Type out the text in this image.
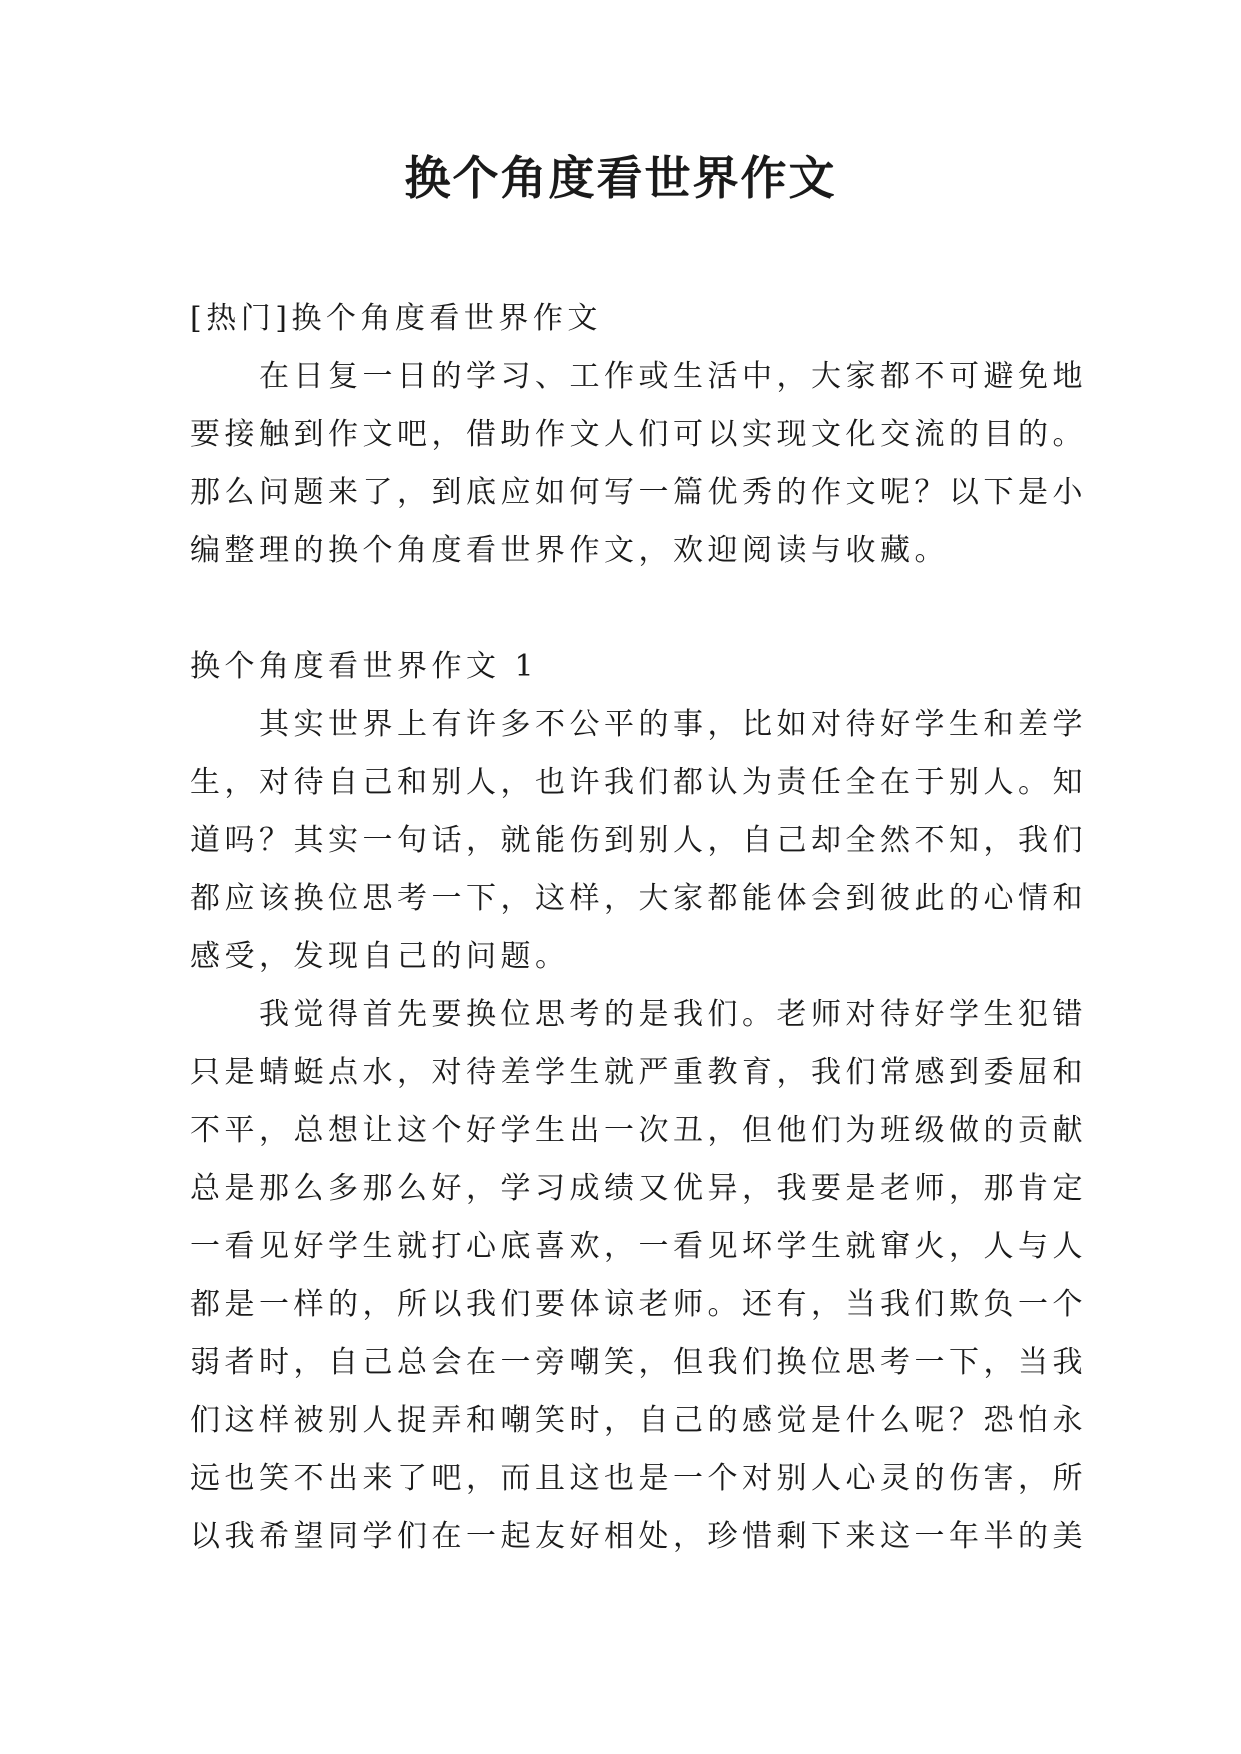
换个角度看世界作文
[热门]换个角度看世界作文
　　在日复一日的学习、工作或生活中，大家都不可避免地
要接触到作文吧，借助作文人们可以实现文化交流的目的。
那么问题来了，到底应如何写一篇优秀的作文呢？以下是小
编整理的换个角度看世界作文，欢迎阅读与收藏。
换个角度看世界作文 1
　　其实世界上有许多不公平的事，比如对待好学生和差学
生，对待自己和别人，也许我们都认为责任全在于别人。知
道吗？其实一句话，就能伤到别人，自己却全然不知，我们
都应该换位思考一下，这样，大家都能体会到彼此的心情和
感受，发现自己的问题。
　　我觉得首先要换位思考的是我们。老师对待好学生犯错
只是蜻蜓点水，对待差学生就严重教育，我们常感到委屈和
不平，总想让这个好学生出一次丑，但他们为班级做的贡献
总是那么多那么好，学习成绩又优异，我要是老师，那肯定
一看见好学生就打心底喜欢，一看见坏学生就窜火，人与人
都是一样的，所以我们要体谅老师。还有，当我们欺负一个
弱者时，自己总会在一旁嘲笑，但我们换位思考一下，当我
们这样被别人捉弄和嘲笑时，自己的感觉是什么呢？恐怕永
远也笑不出来了吧，而且这也是一个对别人心灵的伤害，所
以我希望同学们在一起友好相处，珍惜剩下来这一年半的美
